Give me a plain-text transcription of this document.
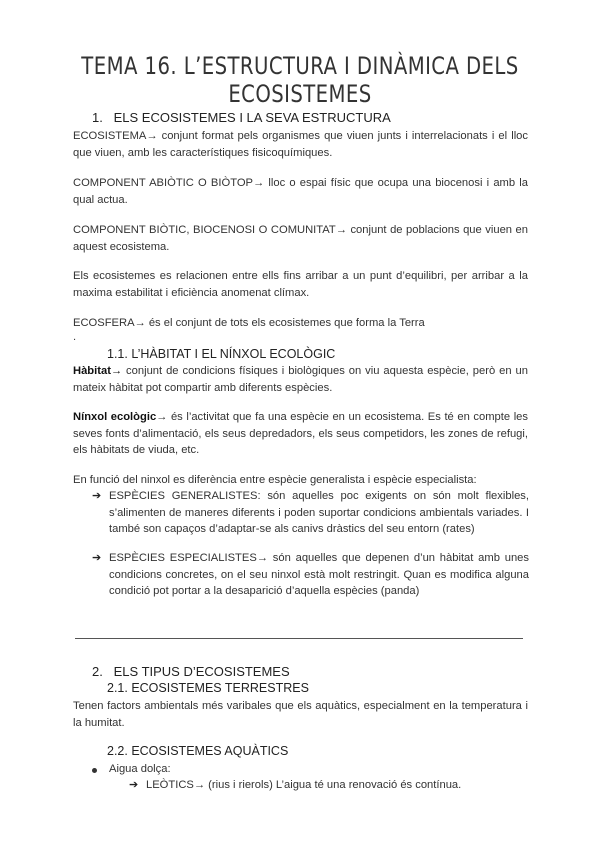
TEMA 16. L’ESTRUCTURA I DINÀMICA DELS ECOSISTEMES
1. ELS ECOSISTEMES I LA SEVA ESTRUCTURA
ECOSISTEMA→ conjunt format pels organismes que viuen junts i interrelacionats i el lloc que viuen, amb les característiques fisicoquímiques.
COMPONENT ABIÒTIC O BIÒTOP→ lloc o espai físic que ocupa una biocenosi i amb la qual actua.
COMPONENT BIÒTIC, BIOCENOSI O COMUNITAT→ conjunt de poblacions que viuen en aquest ecosistema.
Els ecosistemes es relacionen entre ells fins arribar a un punt d’equilibri, per arribar a la maxima estabilitat i eficiència anomenat clímax.
ECOSFERA→ és el conjunt de tots els ecosistemes que forma la Terra
.
1.1. L’HÀBITAT I EL NÍNXOL ECOLÒGIC
Hàbitat→ conjunt de condicions físiques i biològiques on viu aquesta espècie, però en un mateix hàbitat pot compartir amb diferents espècies.
Nínxol ecològic→ és l’activitat que fa una espècie en un ecosistema. Es té en compte les seves fonts d’alimentació, els seus depredadors, els seus competidors, les zones de refugi, els hàbitats de viuda, etc.
En funció del ninxol es diferència entre espècie generalista i espècie especialista:
➔ ESPÈCIES GENERALISTES: són aquelles poc exigents on són molt flexibles, s’alimenten de maneres diferents i poden suportar condicions ambientals variades. I també son capaços d’adaptar-se als canivs dràstics del seu entorn (rates)
➔ ESPÈCIES ESPECIALISTES→ són aquelles que depenen d’un hàbitat amb unes condicions concretes, on el seu ninxol està molt restringit. Quan es modifica alguna condició pot portar a la desaparició d’aquella espècies (panda)
2. ELS TIPUS D’ECOSISTEMES
2.1. ECOSISTEMES TERRESTRES
Tenen factors ambientals més varibales que els aquàtics, especialment en la temperatura i la humitat.
2.2. ECOSISTEMES AQUÀTICS
Aigua dolça:
➔ LEÒTICS→ (rius i rierols) L’aigua té una renovació és contínua.
